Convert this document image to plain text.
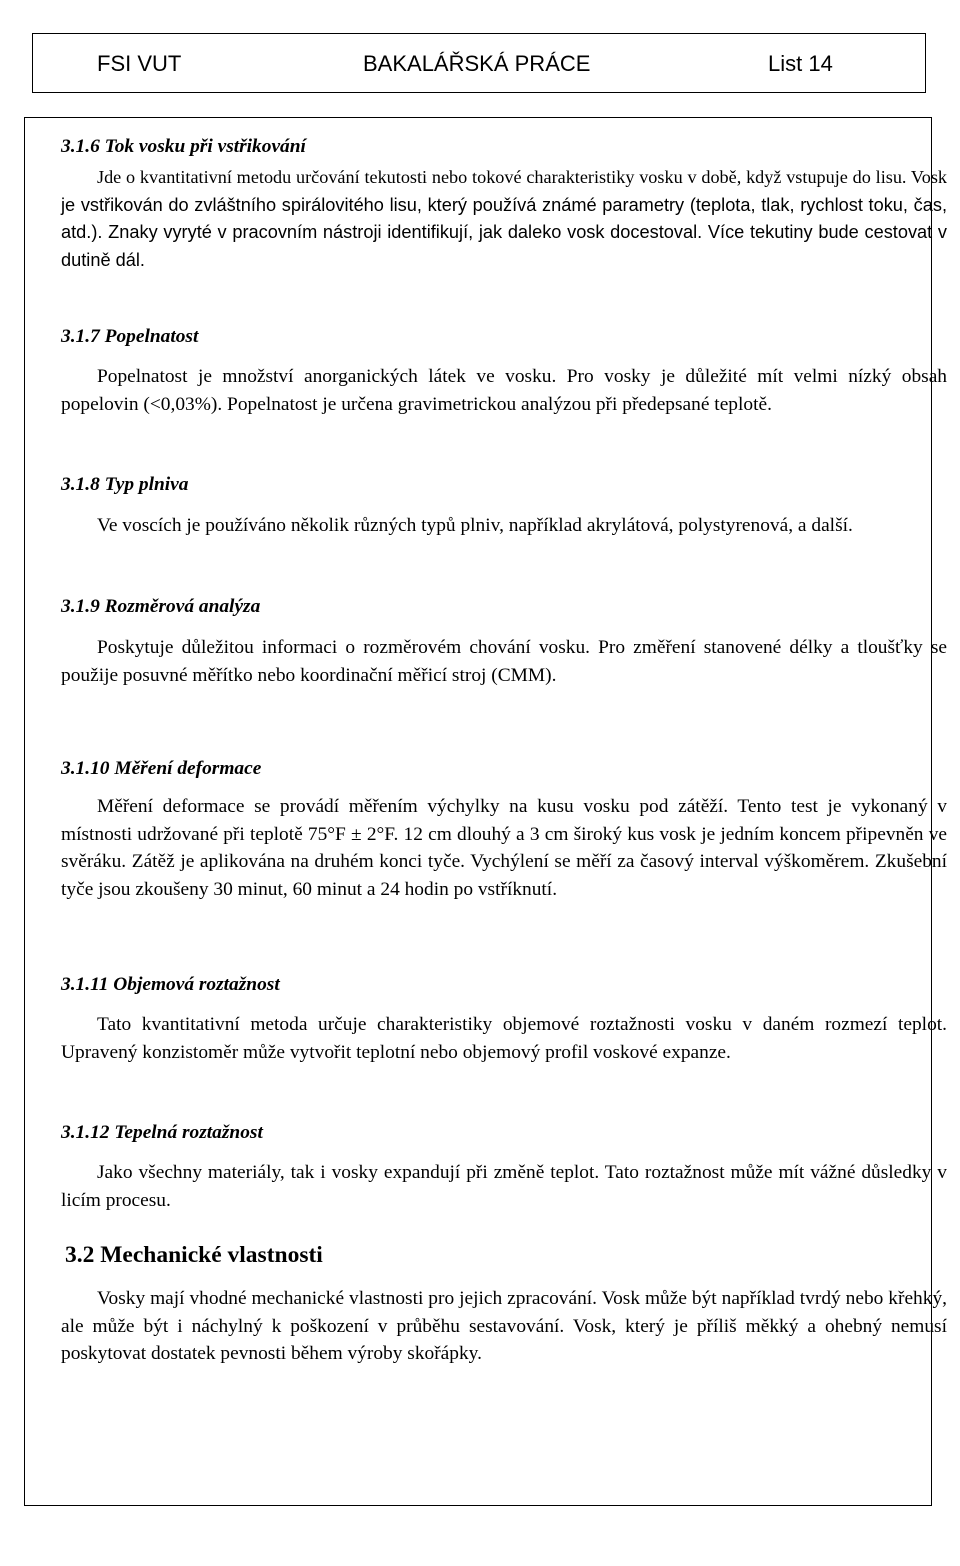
FSI VUT	BAKALÁŘSKÁ PRÁCE	List 14
3.1.6 Tok vosku při vstřikování

Jde o kvantitativní metodu určování tekutosti nebo tokové charakteristiky vosku v době, když vstupuje do lisu. Vosk je vstřikován do zvláštního spirálovitého lisu, který používá známé parametry (teplota, tlak, rychlost toku, čas, atd.). Znaky vyryté v pracovním nástroji identifikují, jak daleko vosk docestoval. Více tekutiny bude cestovat v dutině dál.

3.1.7 Popelnatost

Popelnatost je množství anorganických látek ve vosku. Pro vosky je důležité mít velmi nízký obsah popelovin (<0,03%). Popelnatost je určena gravimetrickou analýzou při předepsané teplotě.

3.1.8 Typ plniva

Ve voscích je používáno několik různých typů plniv, například akrylátová, polystyrenová, a další.

3.1.9 Rozměrová analýza

Poskytuje důležitou informaci o rozměrovém chování vosku. Pro změření stanovené délky a tloušťky se použije posuvné měřítko nebo koordinační měřicí stroj (CMM).

3.1.10 Měření deformace

Měření deformace se provádí měřením výchylky na kusu vosku pod zátěží. Tento test je vykonaný v místnosti udržované při teplotě 75°F ± 2°F. 12 cm dlouhý a 3 cm široký kus vosk je jedním koncem připevněn ve svěráku. Zátěž je aplikována na druhém konci tyče. Vychýlení se měří za časový interval výškoměrem. Zkušební tyče jsou zkoušeny 30 minut, 60 minut a 24 hodin po vstříknutí.

3.1.11 Objemová roztažnost

Tato kvantitativní metoda určuje charakteristiky objemové roztažnosti vosku v daném rozmezí teplot. Upravený konzistoměr může vytvořit teplotní nebo objemový profil voskové expanze.

3.1.12 Tepelná roztažnost

Jako všechny materiály, tak i vosky expandují při změně teplot. Tato roztažnost může mít vážné důsledky v licím procesu.

3.2 Mechanické vlastnosti

Vosky mají vhodné mechanické vlastnosti pro jejich zpracování. Vosk může být například tvrdý nebo křehký, ale může být i náchylný k poškození v průběhu sestavování. Vosk, který je příliš měkký a ohebný nemusí poskytovat dostatek pevnosti během výroby skořápky.
